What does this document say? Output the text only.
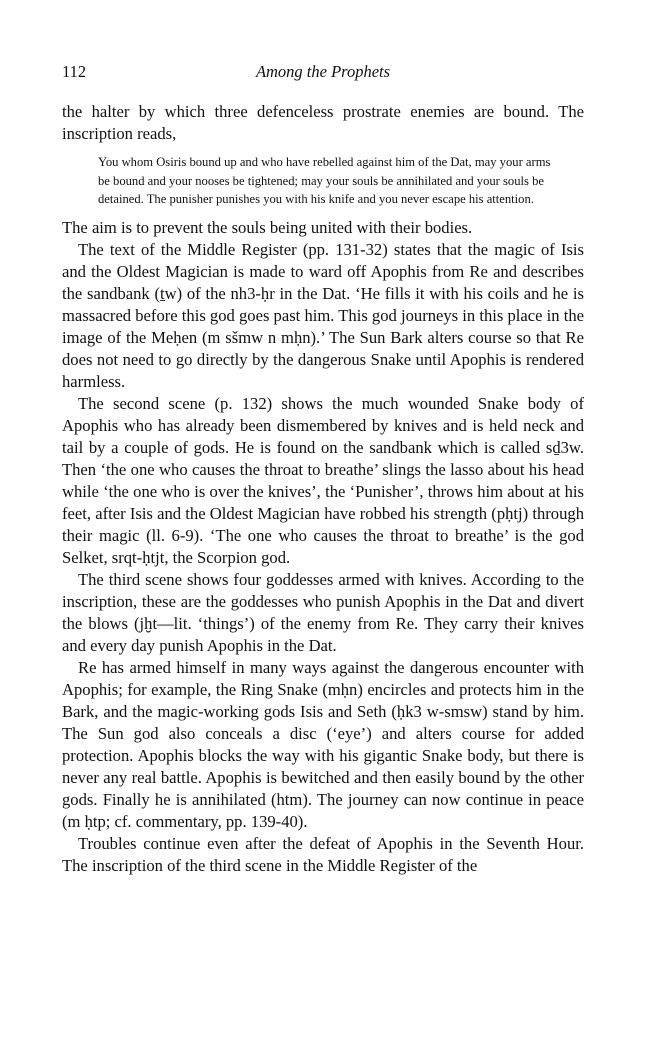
112	Among the Prophets

the halter by which three defenceless prostrate enemies are bound. The inscription reads,

You whom Osiris bound up and who have rebelled against him of the Dat, may your arms be bound and your nooses be tightened; may your souls be annihilated and your souls be detained. The punisher punishes you with his knife and you never escape his attention.

The aim is to prevent the souls being united with their bodies.

The text of the Middle Register (pp. 131-32) states that the magic of Isis and the Oldest Magician is made to ward off Apophis from Re and describes the sandbank (ṯw) of the nh3-ḥr in the Dat. ‘He fills it with his coils and he is massacred before this god goes past him. This god journeys in this place in the image of the Meḥen (m sšmw n mḥn).’ The Sun Bark alters course so that Re does not need to go directly by the dangerous Snake until Apophis is rendered harmless.

The second scene (p. 132) shows the much wounded Snake body of Apophis who has already been dismembered by knives and is held neck and tail by a couple of gods. He is found on the sandbank which is called sḏ3w. Then ‘the one who causes the throat to breathe’ slings the lasso about his head while ‘the one who is over the knives’, the ‘Punisher’, throws him about at his feet, after Isis and the Oldest Magician have robbed his strength (pḥtj) through their magic (ll. 6-9). ‘The one who causes the throat to breathe’ is the god Selket, srqt-ḥtjt, the Scorpion god.

The third scene shows four goddesses armed with knives. According to the inscription, these are the goddesses who punish Apophis in the Dat and divert the blows (jḫt—lit. ‘things’) of the enemy from Re. They carry their knives and every day punish Apophis in the Dat.

Re has armed himself in many ways against the dangerous encounter with Apophis; for example, the Ring Snake (mḥn) encircles and protects him in the Bark, and the magic-working gods Isis and Seth (ḥk3 w-smsw) stand by him. The Sun god also conceals a disc (‘eye’) and alters course for added protection. Apophis blocks the way with his gigantic Snake body, but there is never any real battle. Apophis is bewitched and then easily bound by the other gods. Finally he is annihilated (htm). The journey can now continue in peace (m ḥtp; cf. commentary, pp. 139-40).

Troubles continue even after the defeat of Apophis in the Seventh Hour. The inscription of the third scene in the Middle Register of the
